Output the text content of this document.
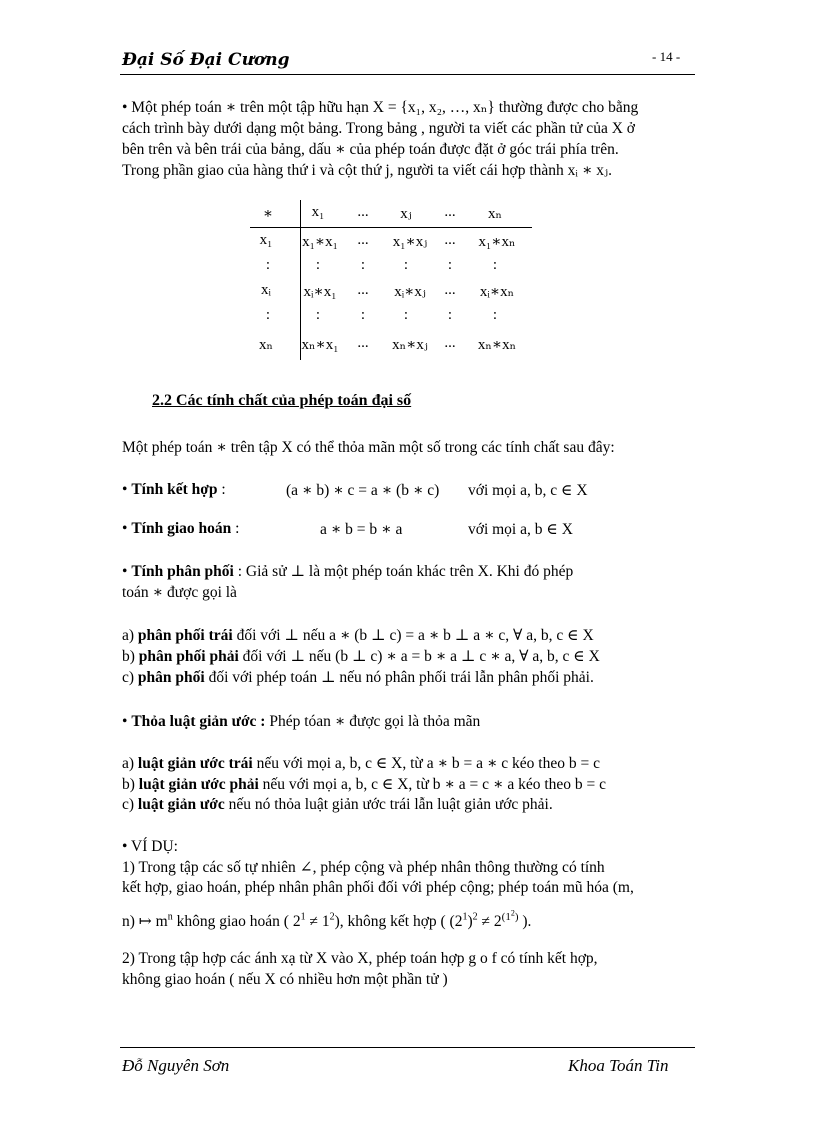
Đại Số Đại Cương	- 14 -
• Một phép toán ∗ trên một tập hữu hạn X = {x₁, x₂, …, xₙ} thường được cho bằng
cách trình bày dưới dạng một bảng. Trong bảng , người ta viết các phần tử của X ở
bên trên và bên trái của bảng, dấu ∗ của phép toán được đặt ở góc trái phía trên.
Trong phần giao của hàng thứ i và cột thứ j, người ta viết cái hợp thành xᵢ ∗ xⱼ.
∗	x₁ ... xⱼ ... xₙ
x₁ x₁∗x₁ ... x₁∗xⱼ ... x₁∗xₙ
:	:	:	:	:	:
xᵢ xᵢ∗x₁ ... xᵢ∗xⱼ ... xᵢ∗xₙ
:	:	:	:	:	:
xₙ xₙ∗x₁ ... xₙ∗xⱼ ... xₙ∗xₙ
2.2 Các tính chất của phép toán đại số
Một phép toán ∗ trên tập X có thể thỏa mãn một số trong các tính chất sau đây:
• Tính kết hợp :	(a ∗ b) ∗ c = a ∗ (b ∗ c) với mọi a, b, c ∈ X
• Tính giao hoán :	a ∗ b = b ∗ a	với mọi a, b ∈ X
• Tính phân phối : Giả sử ⊥ là một phép toán khác trên X. Khi đó phép
toán ∗ được gọi là
a) phân phối trái đối với ⊥ nếu a ∗ (b ⊥ c) = a ∗ b ⊥ a ∗ c, ∀ a, b, c ∈ X
b) phân phối phải đối với ⊥ nếu (b ⊥ c) ∗ a = b ∗ a ⊥ c ∗ a, ∀ a, b, c ∈ X
c) phân phối đối với phép toán ⊥ nếu nó phân phối trái lẫn phân phối phải.
• Thỏa luật giản ước : Phép tóan ∗ được gọi là thỏa mãn
a) luật giản ước trái nếu với mọi a, b, c ∈ X, từ a ∗ b = a ∗ c kéo theo b = c
b) luật giản ước phải nếu với mọi a, b, c ∈ X, từ b ∗ a = c ∗ a kéo theo b = c
c) luật giản ước nếu nó thỏa luật giản ước trái lẫn luật giản ước phải.
• VÍ DỤ:
1) Trong tập các số tự nhiên ∠, phép cộng và phép nhân thông thường có tính
kết hợp, giao hoán, phép nhân phân phối đối với phép cộng; phép toán mũ hóa (m,
n) ↦ $m^n$ không giao hoán ( $2^1 \ne 1^2$), không kết hợp ( $(2^1)^2 \ne 2^{(1^2)}$ ).
2) Trong tập hợp các ánh xạ từ X vào X, phép toán hợp g o f có tính kết hợp,
không giao hoán ( nếu X có nhiều hơn một phần tử )
Đỗ Nguyên Sơn	Khoa Toán Tin
